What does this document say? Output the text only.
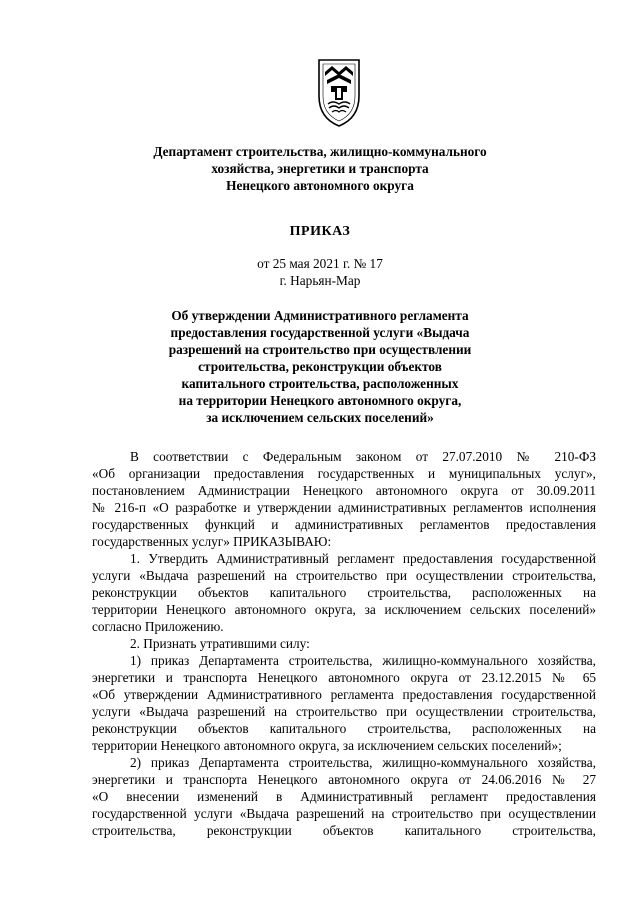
Департамент строительства, жилищно-коммунального
хозяйства, энергетики и транспорта
Ненецкого автономного округа
ПРИКАЗ
от 25 мая 2021 г. № 17
г. Нарьян-Мар
Об утверждении Административного регламента
предоставления государственной услуги «Выдача
разрешений на строительство при осуществлении
строительства, реконструкции объектов
капитального строительства, расположенных
на территории Ненецкого автономного округа,
за исключением сельских поселений»
В соответствии с Федеральным законом от 27.07.2010 № 210-ФЗ
«Об организации предоставления государственных и муниципальных услуг»,
постановлением Администрации Ненецкого автономного округа от 30.09.2011
№ 216-п «О разработке и утверждении административных регламентов исполнения
государственных функций и административных регламентов предоставления
государственных услуг» ПРИКАЗЫВАЮ:
1. Утвердить Административный регламент предоставления государственной
услуги «Выдача разрешений на строительство при осуществлении строительства,
реконструкции объектов капитального строительства, расположенных на
территории Ненецкого автономного округа, за исключением сельских поселений»
согласно Приложению.
2. Признать утратившими силу:
1) приказ Департамента строительства, жилищно-коммунального хозяйства,
энергетики и транспорта Ненецкого автономного округа от 23.12.2015 № 65
«Об утверждении Административного регламента предоставления государственной
услуги «Выдача разрешений на строительство при осуществлении строительства,
реконструкции объектов капитального строительства, расположенных на
территории Ненецкого автономного округа, за исключением сельских поселений»;
2) приказ Департамента строительства, жилищно-коммунального хозяйства,
энергетики и транспорта Ненецкого автономного округа от 24.06.2016 № 27
«О внесении изменений в Административный регламент предоставления
государственной услуги «Выдача разрешений на строительство при осуществлении
строительства, реконструкции объектов капитального строительства,
